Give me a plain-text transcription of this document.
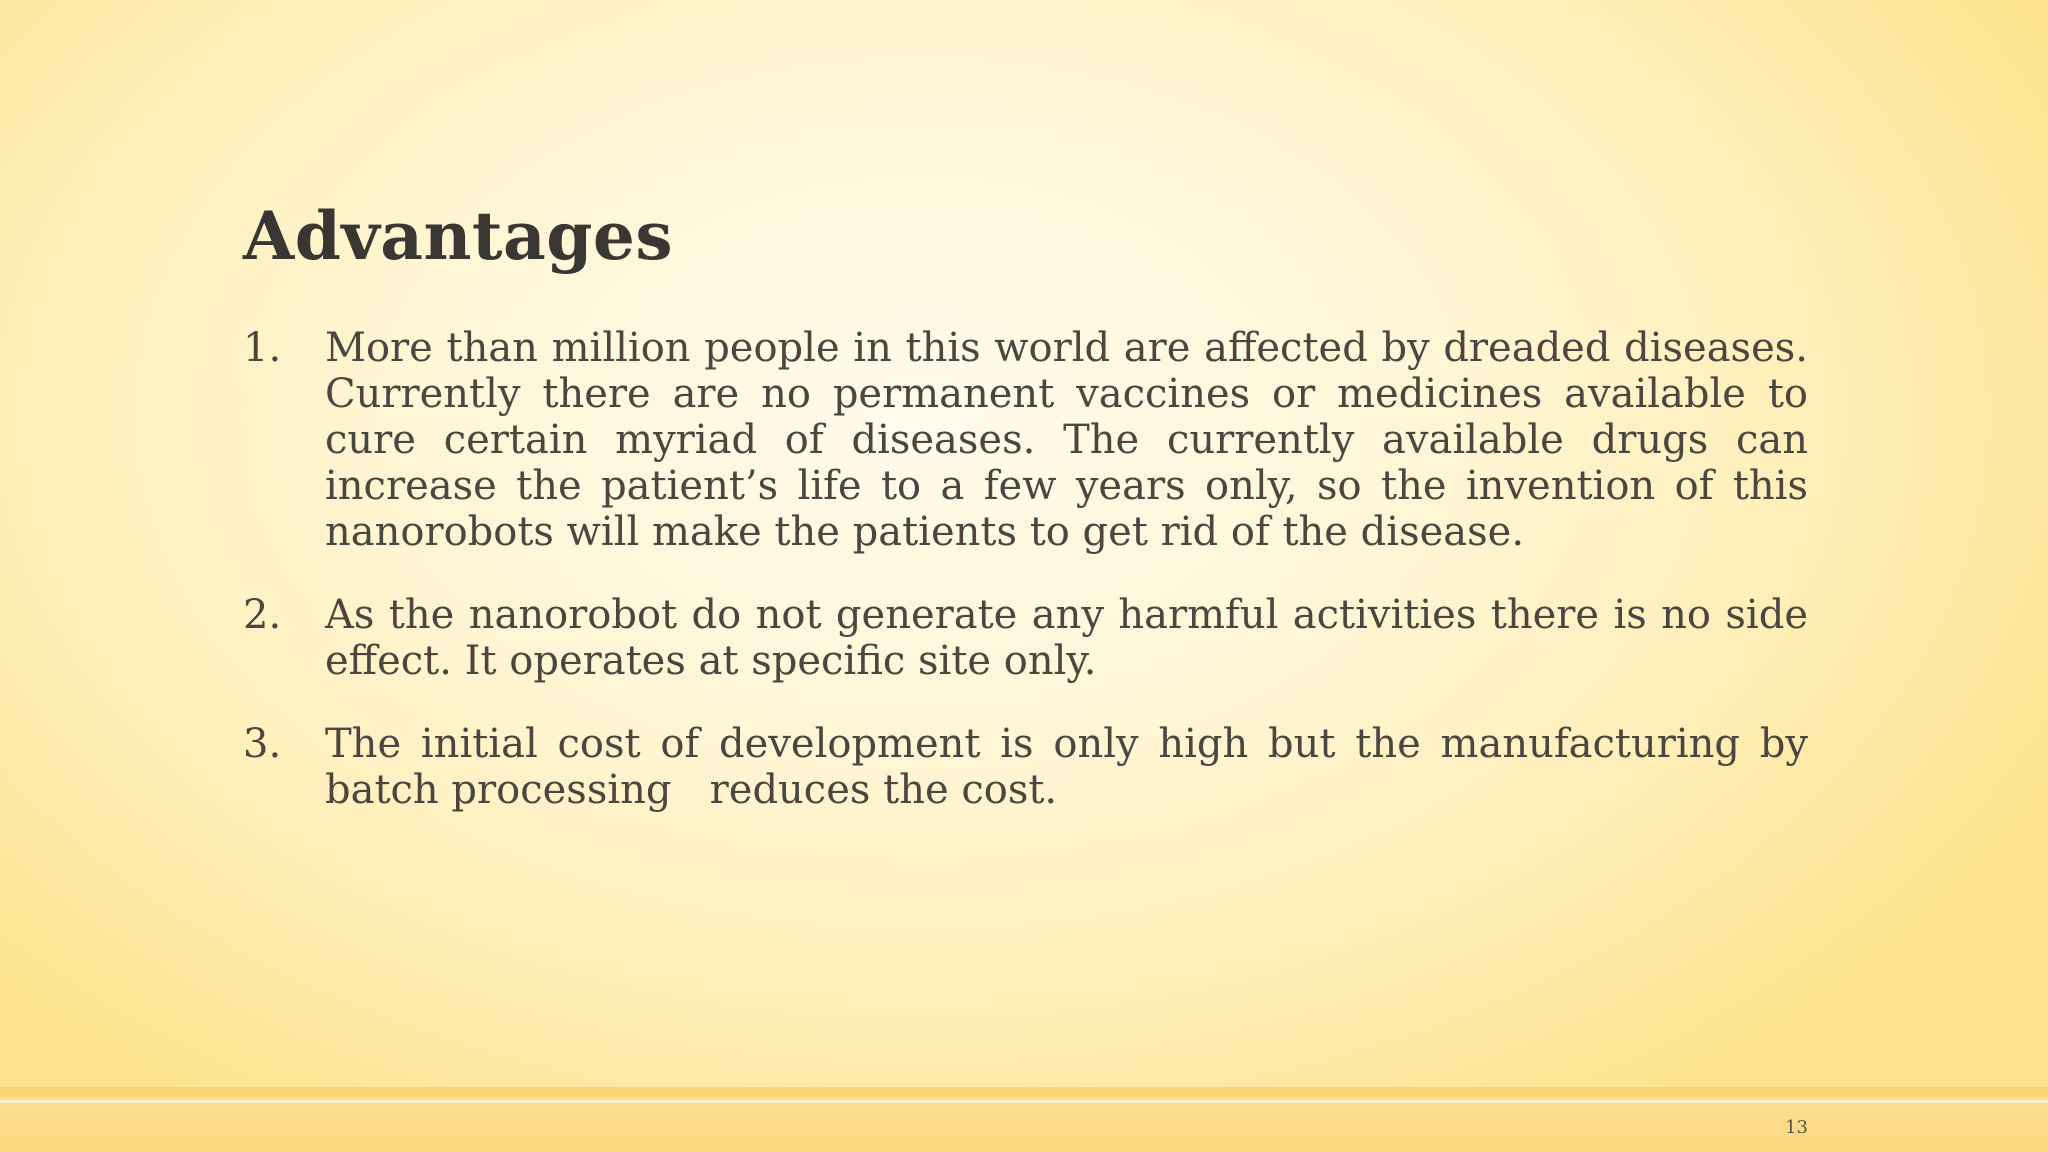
Advantages
1.	More than million people in this world are affected by dreaded diseases. Currently there are no permanent vaccines or medicines available to cure certain myriad of diseases. The currently available drugs can increase the patient’s life to a few years only, so the invention of this nanorobots will make the patients to get rid of the disease.
2.	As the nanorobot do not generate any harmful activities there is no side effect. It operates at specific site only.
3.	The initial cost of development is only high but the manufacturing by batch processing   reduces the cost.
13
